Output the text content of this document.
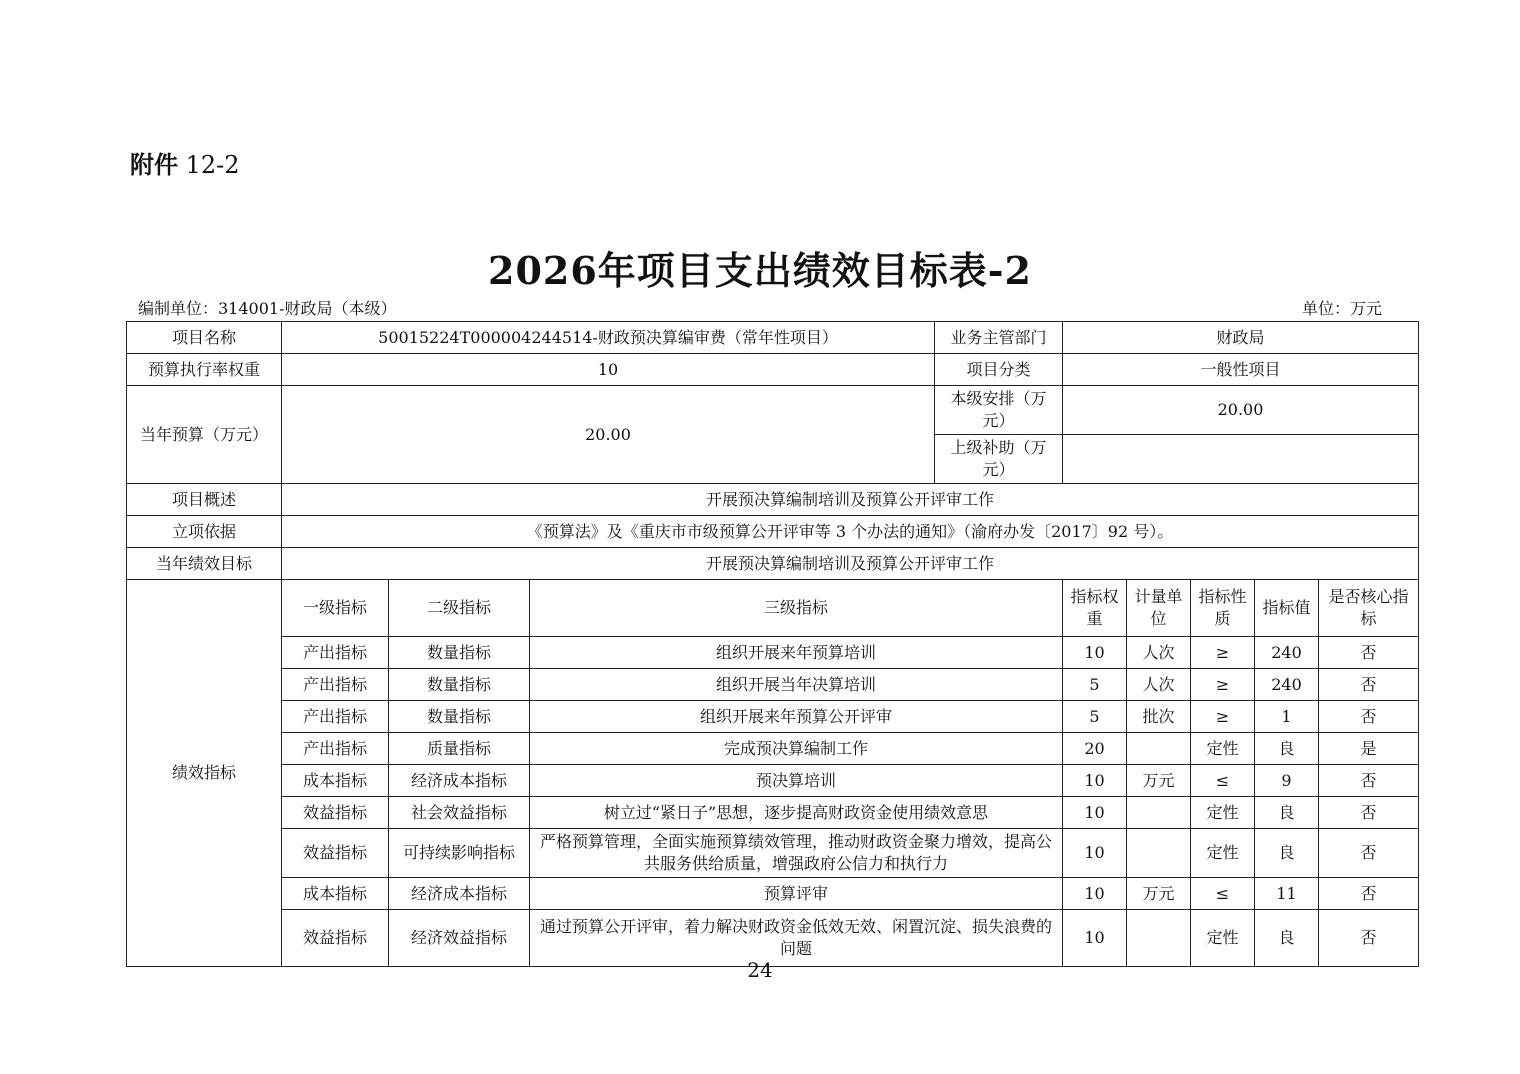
附件 12-2
2026年项目支出绩效目标表-2
编制单位：314001-财政局（本级）	单位：万元
项目名称	50015224T000004244514-财政预决算编审费（常年性项目）			业务主管部门	财政局				
预算执行率权重	10			项目分类	一般性项目				
当年预算（万元）	20.00			本级安排（万元）	20.00				
				上级补助（万元）					
项目概述	开展预决算编制培训及预算公开评审工作								
立项依据	《预算法》及《重庆市市级预算公开评审等 3 个办法的通知》（渝府办发〔2017〕92 号）。								
当年绩效目标	开展预决算编制培训及预算公开评审工作								
绩效指标	一级指标	二级指标	三级指标		指标权重	计量单位	指标性质	指标值	是否核心指标
	产出指标	数量指标	组织开展来年预算培训		10	人次	≥	240	否
	产出指标	数量指标	组织开展当年决算培训		5	人次	≥	240	否
	产出指标	数量指标	组织开展来年预算公开评审		5	批次	≥	1	否
	产出指标	质量指标	完成预决算编制工作		20		定性	良	是
	成本指标	经济成本指标	预决算培训		10	万元	≤	9	否
	效益指标	社会效益指标	树立过“紧日子”思想，逐步提高财政资金使用绩效意思		10		定性	良	否
	效益指标	可持续影响指标	严格预算管理，全面实施预算绩效管理，推动财政资金聚力增效，提高公共服务供给质量，增强政府公信力和执行力		10		定性	良	否
	成本指标	经济成本指标	预算评审		10	万元	≤	11	否
	效益指标	经济效益指标	通过预算公开评审，着力解决财政资金低效无效、闲置沉淀、损失浪费的问题		10		定性	良	否
24
